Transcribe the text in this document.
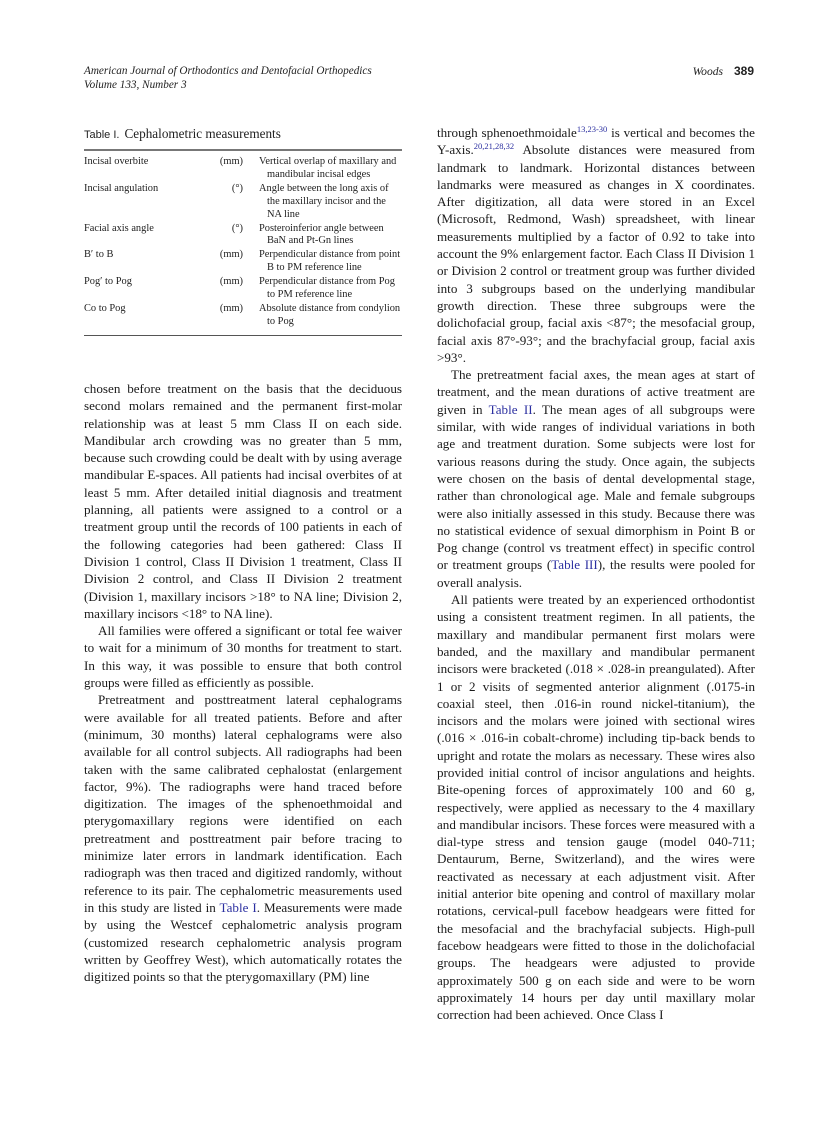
American Journal of Orthodontics and Dentofacial Orthopedics
Volume 133, Number 3
Woods 389
Table I. Cephalometric measurements
Incisal overbite	(mm)	Vertical overlap of maxillary and mandibular incisal edges
Incisal angulation	(°)	Angle between the long axis of the maxillary incisor and the NA line
Facial axis angle	(°)	Posteroinferior angle between BaN and Pt-Gn lines
B′ to B	(mm)	Perpendicular distance from point B to PM reference line
Pog′ to Pog	(mm)	Perpendicular distance from Pog to PM reference line
Co to Pog	(mm)	Absolute distance from condylion to Pog

chosen before treatment on the basis that the deciduous second molars remained and the permanent first-molar relationship was at least 5 mm Class II on each side. Mandibular arch crowding was no greater than 5 mm, because such crowding could be dealt with by using average mandibular E-spaces. All patients had incisal overbites of at least 5 mm. After detailed initial diagnosis and treatment planning, all patients were assigned to a control or a treatment group until the records of 100 patients in each of the following categories had been gathered: Class II Division 1 control, Class II Division 1 treatment, Class II Division 2 control, and Class II Division 2 treatment (Division 1, maxillary incisors >18° to NA line; Division 2, maxillary incisors <18° to NA line).

All families were offered a significant or total fee waiver to wait for a minimum of 30 months for treatment to start. In this way, it was possible to ensure that both control groups were filled as efficiently as possible.

Pretreatment and posttreatment lateral cephalograms were available for all treated patients. Before and after (minimum, 30 months) lateral cephalograms were also available for all control subjects. All radiographs had been taken with the same calibrated cephalostat (enlargement factor, 9%). The radiographs were hand traced before digitization. The images of the sphenoethmoidal and pterygomaxillary regions were identified on each pretreatment and posttreatment pair before tracing to minimize later errors in landmark identification. Each radiograph was then traced and digitized randomly, without reference to its pair. The cephalometric measurements used in this study are listed in Table I. Measurements were made by using the Westcef cephalometric analysis program (customized research cephalometric analysis program written by Geoffrey West), which automatically rotates the digitized points so that the pterygomaxillary (PM) line

through sphenoethmoidale$^{13,23-30}$ is vertical and becomes the Y-axis.$^{20,21,28,32}$ Absolute distances were measured from landmark to landmark. Horizontal distances between landmarks were measured as changes in X coordinates. After digitization, all data were stored in an Excel (Microsoft, Redmond, Wash) spreadsheet, with linear measurements multiplied by a factor of 0.92 to take into account the 9% enlargement factor. Each Class II Division 1 or Division 2 control or treatment group was further divided into 3 subgroups based on the underlying mandibular growth direction. These three subgroups were the dolichofacial group, facial axis <87°; the mesofacial group, facial axis 87°-93°; and the brachyfacial group, facial axis >93°.

The pretreatment facial axes, the mean ages at start of treatment, and the mean durations of active treatment are given in Table II. The mean ages of all subgroups were similar, with wide ranges of individual variations in both age and treatment duration. Some subjects were lost for various reasons during the study. Once again, the subjects were chosen on the basis of dental developmental stage, rather than chronological age. Male and female subgroups were also initially assessed in this study. Because there was no statistical evidence of sexual dimorphism in Point B or Pog change (control vs treatment effect) in specific control or treatment groups (Table III), the results were pooled for overall analysis.

All patients were treated by an experienced orthodontist using a consistent treatment regimen. In all patients, the maxillary and mandibular permanent first molars were banded, and the maxillary and mandibular permanent incisors were bracketed (.018 × .028-in preangulated). After 1 or 2 visits of segmented anterior alignment (.0175-in coaxial steel, then .016-in round nickel-titanium), the incisors and the molars were joined with sectional wires (.016 × .016-in cobalt-chrome) including tip-back bends to upright and rotate the molars as necessary. These wires also provided initial control of incisor angulations and heights. Bite-opening forces of approximately 100 and 60 g, respectively, were applied as necessary to the 4 maxillary and mandibular incisors. These forces were measured with a dial-type stress and tension gauge (model 040-711; Dentaurum, Berne, Switzerland), and the wires were reactivated as necessary at each adjustment visit. After initial anterior bite opening and control of maxillary molar rotations, cervical-pull facebow headgears were fitted for the mesofacial and the brachyfacial subjects. High-pull facebow headgears were fitted to those in the dolichofacial groups. The headgears were adjusted to provide approximately 500 g on each side and were to be worn approximately 14 hours per day until maxillary molar correction had been achieved. Once Class I
